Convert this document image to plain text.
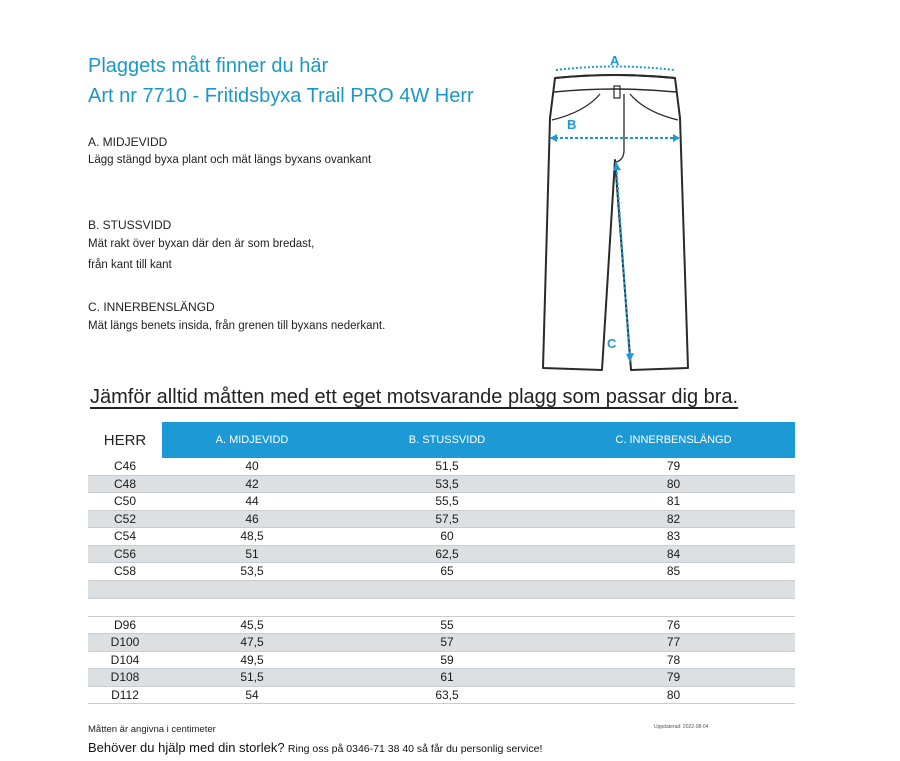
Plaggets mått finner du här
Art nr 7710 - Fritidsbyxa Trail PRO 4W Herr
A. MIDJEVIDD
Lägg stängd byxa plant och mät längs byxans ovankant
B. STUSSVIDD
Mät rakt över byxan där den är som bredast,
från kant till kant
C. INNERBENSLÄNGD
Mät längs benets insida, från grenen till byxans nederkant.
A
B
C
Jämför alltid måtten med ett eget motsvarande plagg som passar dig bra.
HERR	A. MIDJEVIDD	B. STUSSVIDD	C. INNERBENSLÄNGD
C46	40	51,5	79
C48	42	53,5	80
C50	44	55,5	81
C52	46	57,5	82
C54	48,5	60	83
C56	51	62,5	84
C58	53,5	65	85
D96	45,5	55	76
D100	47,5	57	77
D104	49,5	59	78
D108	51,5	61	79
D112	54	63,5	80
Måtten är angivna i centimeter	Uppdaterad: 2022-08-04
Behöver du hjälp med din storlek? Ring oss på 0346-71 38 40 så får du personlig service!
